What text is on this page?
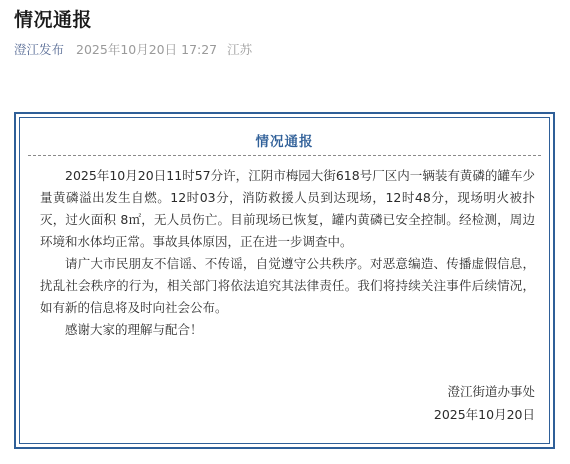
情况通报
澄江发布 2025年10月20日 17:27 江苏
情况通报

2025年10月20日11时57分许，江阴市梅园大街618号厂区内一辆装有黄磷的罐车少量黄磷溢出发生自燃。12时03分，消防救援人员到达现场，12时48分，现场明火被扑灭，过火面积 8㎡，无人员伤亡。目前现场已恢复，罐内黄磷已安全控制。经检测，周边环境和水体均正常。事故具体原因，正在进一步调查中。

请广大市民朋友不信谣、不传谣，自觉遵守公共秩序。对恶意编造、传播虚假信息，扰乱社会秩序的行为，相关部门将依法追究其法律责任。我们将持续关注事件后续情况，如有新的信息将及时向社会公布。

感谢大家的理解与配合！

澄江街道办事处
2025年10月20日
